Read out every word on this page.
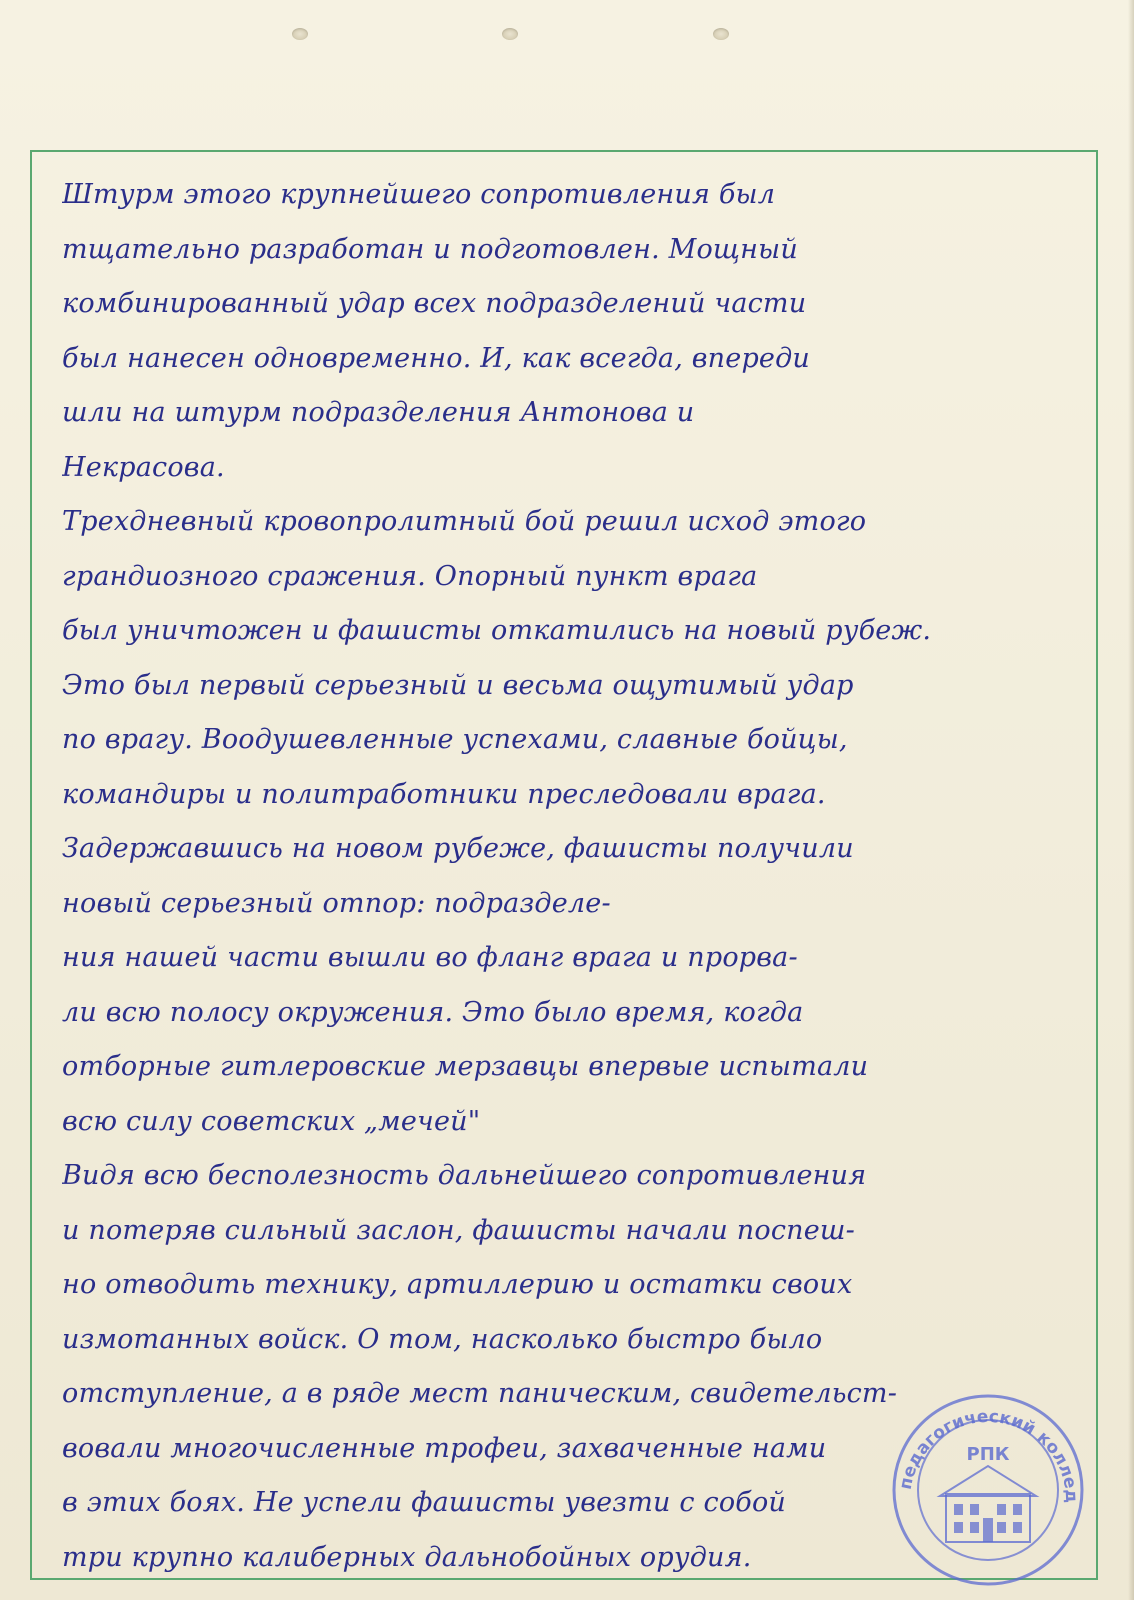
Штурм этого крупнейшего сопротивления был
тщательно разработан и подготовлен. Мощный
комбинированный удар всех подразделений части
был нанесен одновременно. И, как всегда, впереди
шли на штурм подразделения Антонова и
Некрасова.
Трехдневный кровопролитный бой решил исход этого
грандиозного сражения. Опорный пункт врага
был уничтожен и фашисты откатились на новый рубеж.
Это был первый серьезный и весьма ощутимый удар
по врагу. Воодушевленные успехами, славные бойцы,
командиры и политработники преследовали врага.
Задержавшись на новом рубеже, фашисты получили
новый серьезный отпор: подразделе-
ния нашей части вышли во фланг врага и прорва-
ли всю полосу окружения. Это было время, когда
отборные гитлеровские мерзавцы впервые испытали
всю силу советских „мечей"
Видя всю бесполезность дальнейшего сопротивления
и потеряв сильный заслон, фашисты начали поспеш-
но отводить технику, артиллерию и остатки своих
измотанных войск. О том, насколько быстро было
отступление, а в ряде мест паническим, свидетельст-
вовали многочисленные трофеи, захваченные нами
в этих боях. Не успели фашисты увезти с собой
три крупно калиберных дальнобойных орудия.
педагогический коллед
РПК
